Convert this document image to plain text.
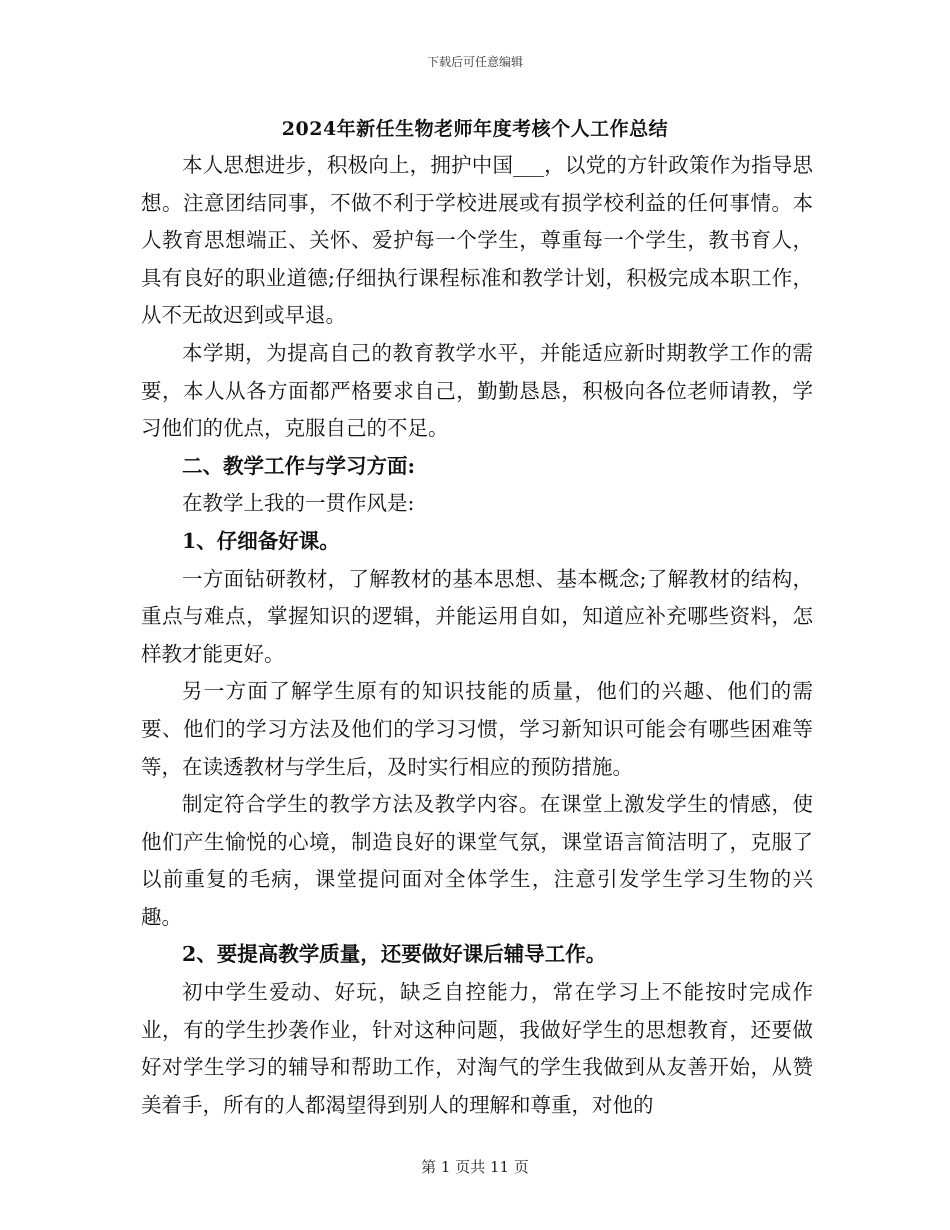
下载后可任意编辑
2024年新任生物老师年度考核个人工作总结

本人思想进步，积极向上，拥护中国___，以党的方针政策作为指导思想。注意团结同事，不做不利于学校进展或有损学校利益的任何事情。本人教育思想端正、关怀、爱护每一个学生，尊重每一个学生，教书育人，具有良好的职业道德;仔细执行课程标准和教学计划，积极完成本职工作，从不无故迟到或早退。

本学期，为提高自己的教育教学水平，并能适应新时期教学工作的需要，本人从各方面都严格要求自己，勤勤恳恳，积极向各位老师请教，学习他们的优点，克服自己的不足。

二、教学工作与学习方面:

在教学上我的一贯作风是:

1、仔细备好课。

一方面钻研教材，了解教材的基本思想、基本概念;了解教材的结构，重点与难点，掌握知识的逻辑，并能运用自如，知道应补充哪些资料，怎样教才能更好。

另一方面了解学生原有的知识技能的质量，他们的兴趣、他们的需要、他们的学习方法及他们的学习习惯，学习新知识可能会有哪些困难等等，在读透教材与学生后，及时实行相应的预防措施。

制定符合学生的教学方法及教学内容。在课堂上激发学生的情感，使他们产生愉悦的心境，制造良好的课堂气氛，课堂语言简洁明了，克服了以前重复的毛病，课堂提问面对全体学生，注意引发学生学习生物的兴趣。

2、要提高教学质量，还要做好课后辅导工作。

初中学生爱动、好玩，缺乏自控能力，常在学习上不能按时完成作业，有的学生抄袭作业，针对这种问题，我做好学生的思想教育，还要做好对学生学习的辅导和帮助工作，对淘气的学生我做到从友善开始，从赞美着手，所有的人都渴望得到别人的理解和尊重，对他的

第 1 页共 11 页
